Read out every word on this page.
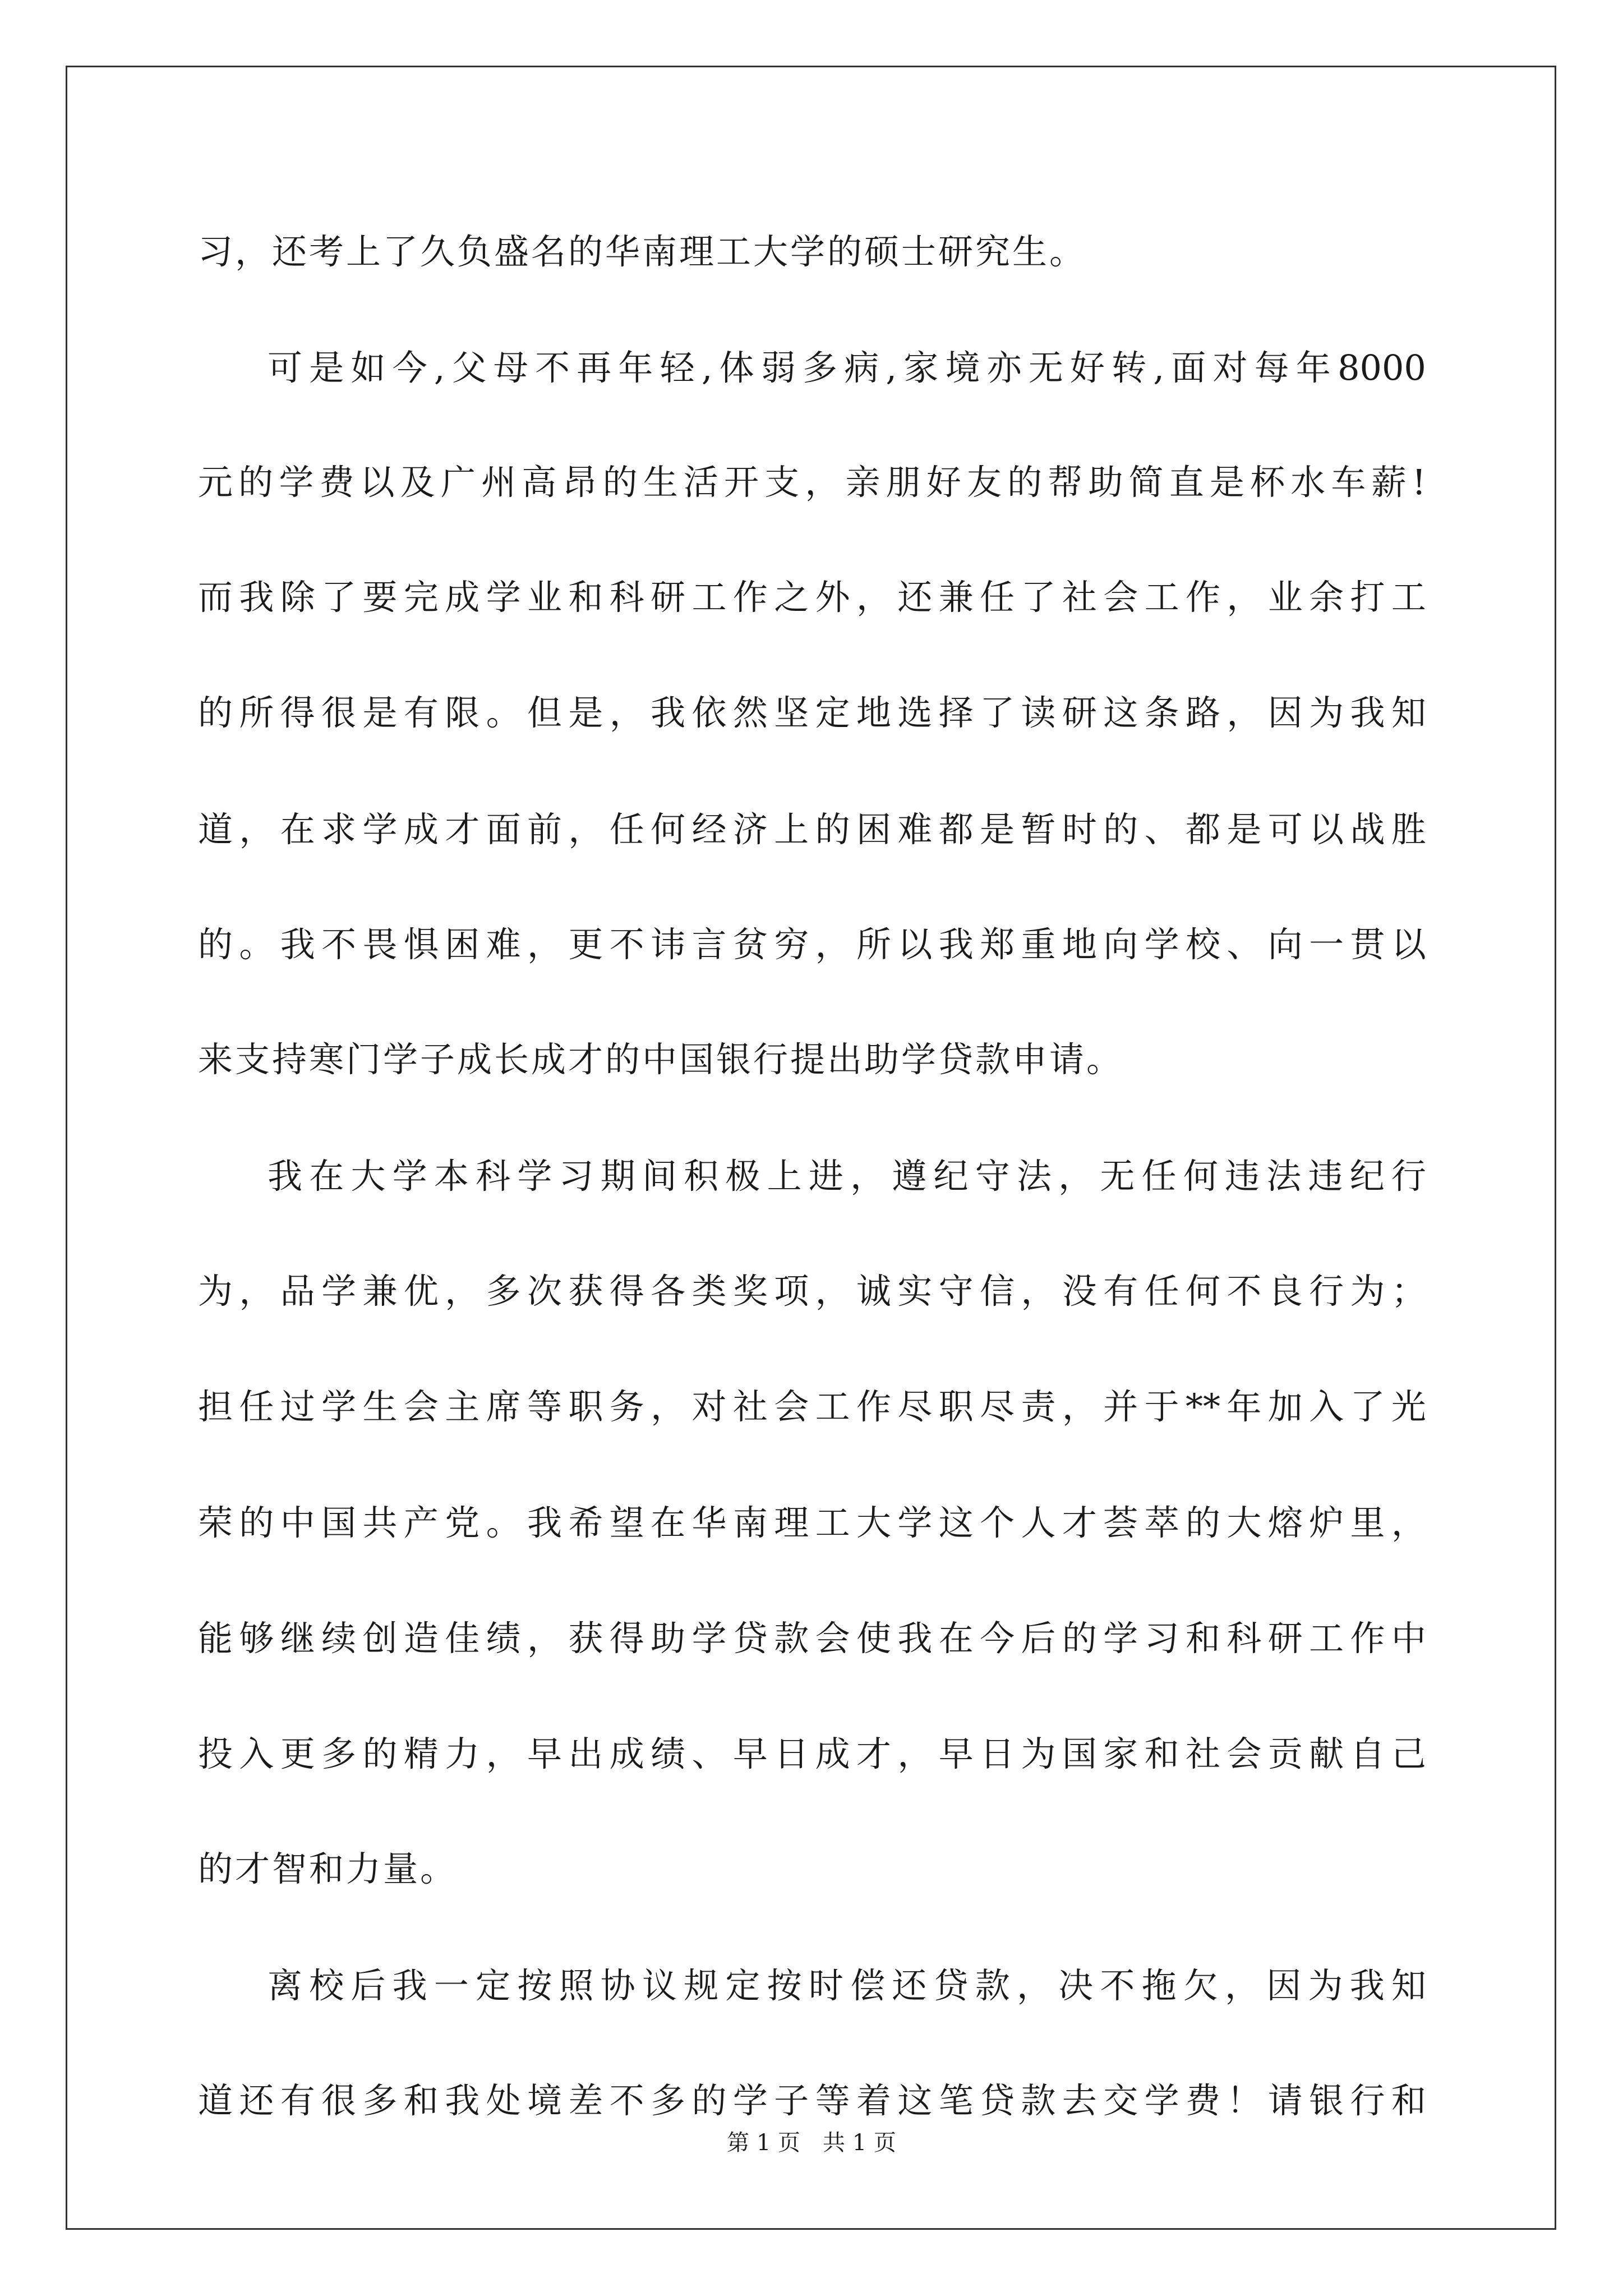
习，还考上了久负盛名的华南理工大学的硕士研究生。

可 是 如 今 , 父 母 不 再 年 轻 , 体 弱 多 病 , 家 境 亦 无 好 转 , 面 对 每 年 8000

元 的 学 费 以 及 广 州 高 昂 的 生 活 开 支 ， 亲 朋 好 友 的 帮 助 简 直 是 杯 水 车 薪 !

而 我 除 了 要 完 成 学 业 和 科 研 工 作 之 外 ， 还 兼 任 了 社 会 工 作 ， 业 余 打 工

的 所 得 很 是 有 限 。 但 是 ， 我 依 然 坚 定 地 选 择 了 读 研 这 条 路 ， 因 为 我 知

道 ， 在 求 学 成 才 面 前 ， 任 何 经 济 上 的 困 难 都 是 暂 时 的 、 都 是 可 以 战 胜

的 。 我 不 畏 惧 困 难 ， 更 不 讳 言 贫 穷 ， 所 以 我 郑 重 地 向 学 校 、 向 一 贯 以

来支持寒门学子成长成才的中国银行提出助学贷款申请。

我 在 大 学 本 科 学 习 期 间 积 极 上 进 ， 遵 纪 守 法 ， 无 任 何 违 法 违 纪 行

为 ， 品 学 兼 优 ， 多 次 获 得 各 类 奖 项 ， 诚 实 守 信 ， 没 有 任 何 不 良 行 为 ；

担 任 过 学 生 会 主 席 等 职 务 ， 对 社 会 工 作 尽 职 尽 责 ， 并 于 ** 年 加 入 了 光

荣 的 中 国 共 产 党 。 我 希 望 在 华 南 理 工 大 学 这 个 人 才 荟 萃 的 大 熔 炉 里 ，

能 够 继 续 创 造 佳 绩 ， 获 得 助 学 贷 款 会 使 我 在 今 后 的 学 习 和 科 研 工 作 中

投 入 更 多 的 精 力 ， 早 出 成 绩 、 早 日 成 才 ， 早 日 为 国 家 和 社 会 贡 献 自 己

的才智和力量。

离 校 后 我 一 定 按 照 协 议 规 定 按 时 偿 还 贷 款 ， 决 不 拖 欠 ， 因 为 我 知

道 还 有 很 多 和 我 处 境 差 不 多 的 学 子 等 着 这 笔 贷 款 去 交 学 费 ！ 请 银 行 和

第 1 页　共 1 页
